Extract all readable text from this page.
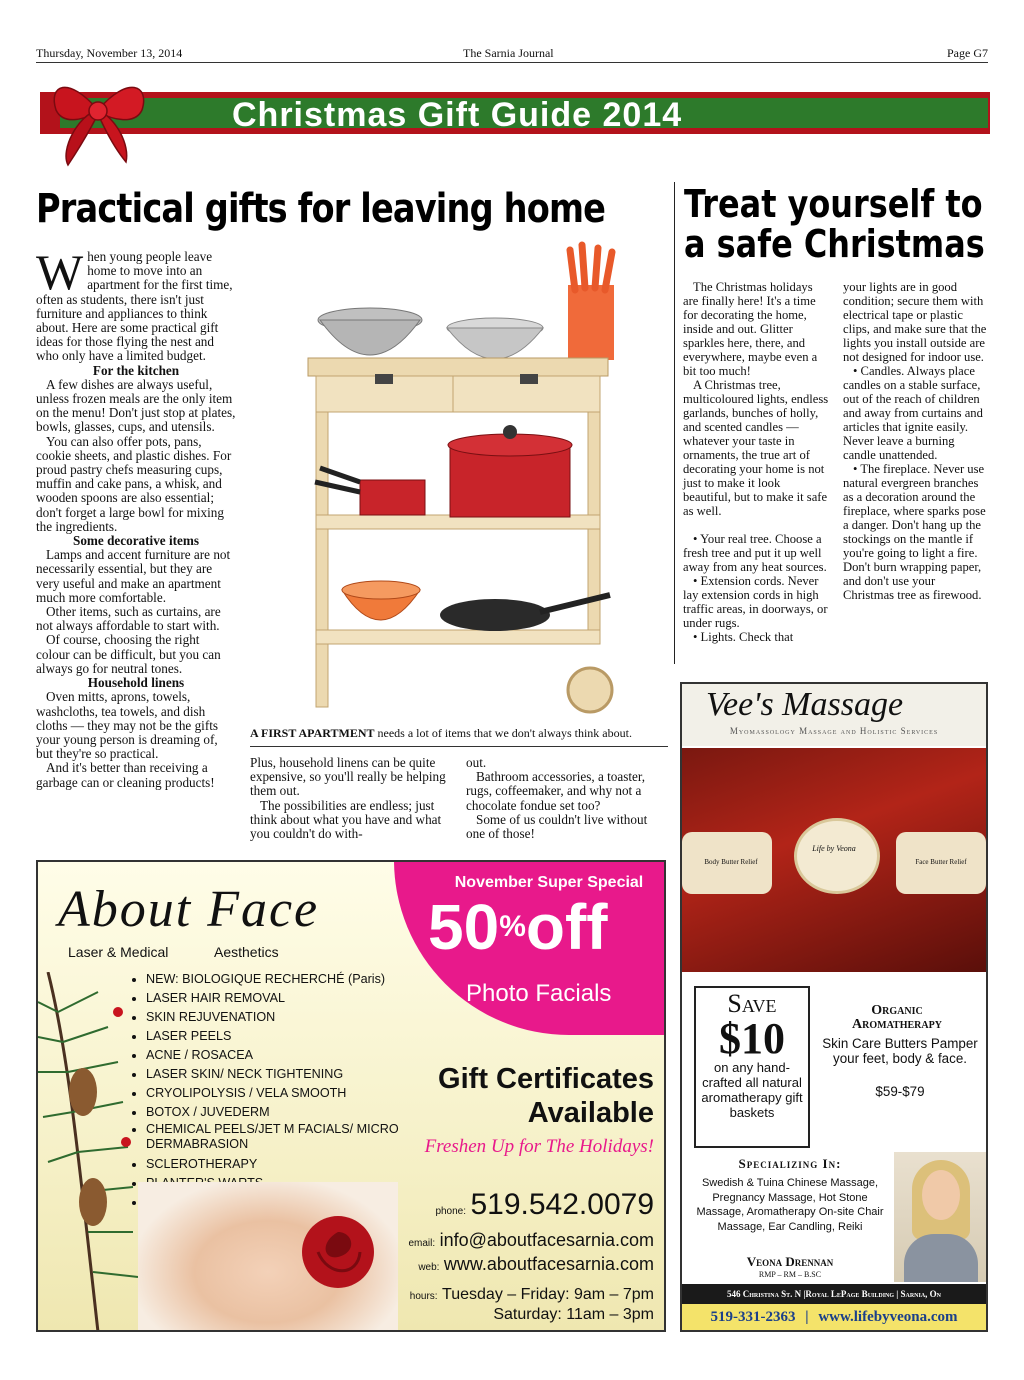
Thursday, November 13, 2014	The Sarnia Journal	Page G7
Christmas Gift Guide 2014
Practical gifts for leaving home
W hen young people leave home to move into an apartment for the first time, often as students, there isn't just furniture and appliances to think about. Here are some practical gift ideas for those flying the nest and who only have a limited budget.

For the kitchen

A few dishes are always useful, unless frozen meals are the only item on the menu! Don't just stop at plates, bowls, glasses, cups, and utensils.

You can also offer pots, pans, cookie sheets, and plastic dishes. For proud pastry chefs measuring cups, muffin and cake pans, a whisk, and wooden spoons are also essential; don't forget a large bowl for mixing the ingredients.

Some decorative items

Lamps and accent furniture are not necessarily essential, but they are very useful and make an apartment much more comfortable.

Other items, such as curtains, are not always affordable to start with.

Of course, choosing the right colour can be difficult, but you can always go for neutral tones.

Household linens

Oven mitts, aprons, towels, washcloths, tea towels, and dish cloths — they may not be the gifts your young person is dreaming of, but they're so practical.

And it's better than receiving a garbage can or cleaning products!

A FIRST APARTMENT needs a lot of items that we don't always think about.

Plus, household linens can be quite expensive, so you'll really be helping them out.

The possibilities are endless; just think about what you have and what you couldn't do with-

out.

Bathroom accessories, a toaster, rugs, coffeemaker, and why not a chocolate fondue set too?

Some of us couldn't live without one of those!

Treat yourself to
a safe Christmas

The Christmas holidays are finally here! It's a time for decorating the home, inside and out. Glitter sparkles here, there, and everywhere, maybe even a bit too much!

A Christmas tree, multicoloured lights, endless garlands, bunches of holly, and scented candles — whatever your taste in ornaments, the true art of decorating your home is not just to make it look beautiful, but to make it safe as well.

• Your real tree. Choose a fresh tree and put it up well away from any heat sources.

• Extension cords. Never lay extension cords in high traffic areas, in doorways, or under rugs.

• Lights. Check that

your lights are in good condition; secure them with electrical tape or plastic clips, and make sure that the lights you install outside are not designed for indoor use.

• Candles. Always place candles on a stable surface, out of the reach of children and away from curtains and articles that ignite easily. Never leave a burning candle unattended.

• The fireplace. Never use natural evergreen branches as a decoration around the fireplace, where sparks pose a danger. Don't hang up the stockings on the mantle if you're going to light a fire. Don't burn wrapping paper, and don't use your Christmas tree as firewood.

November Super Special
50%off
Photo Facials
About Face
Laser & Medical	Aesthetics
• NEW: BIOLOGIQUE RECHERCHÉ (Paris)
• LASER HAIR REMOVAL
• SKIN REJUVENATION
• LASER PEELS
• ACNE / ROSACEA
• LASER SKIN/ NECK TIGHTENING
• CRYOLIPOLYSIS / VELA SMOOTH
• BOTOX / JUVEDERM
• CHEMICAL PEELS/JET M FACIALS/ MICRO DERMABRASION
• SCLEROTHERAPY
•
•
Gift Certificates
Available
Freshen Up for The Holidays!
phone: 519.542.0079
email: info@aboutfacesarnia.com
web: www.aboutfacesarnia.com
hours: Tuesday – Friday: 9am – 7pm
Saturday: 11am – 3pm
Vee's Massage
Myomassology Massage and Holistic Services
Body Butter Relief
Life by Veona
Face Butter Relief
Save
$10
on any hand-crafted all natural aromatherapy gift baskets
Organic
Aromatherapy
Skin Care Butters Pamper your feet, body & face.
$59-$79
Specializing In:
Swedish & Tuina Chinese Massage, Pregnancy Massage, Hot Stone Massage, Aromatherapy On-site Chair Massage, Ear Candling, Reiki
Veona Drennan
RMP – RM – B.SC
546 Christina St. N |Royal LePage Building | Sarnia, On
519-331-2363 | www.lifebyveona.com
